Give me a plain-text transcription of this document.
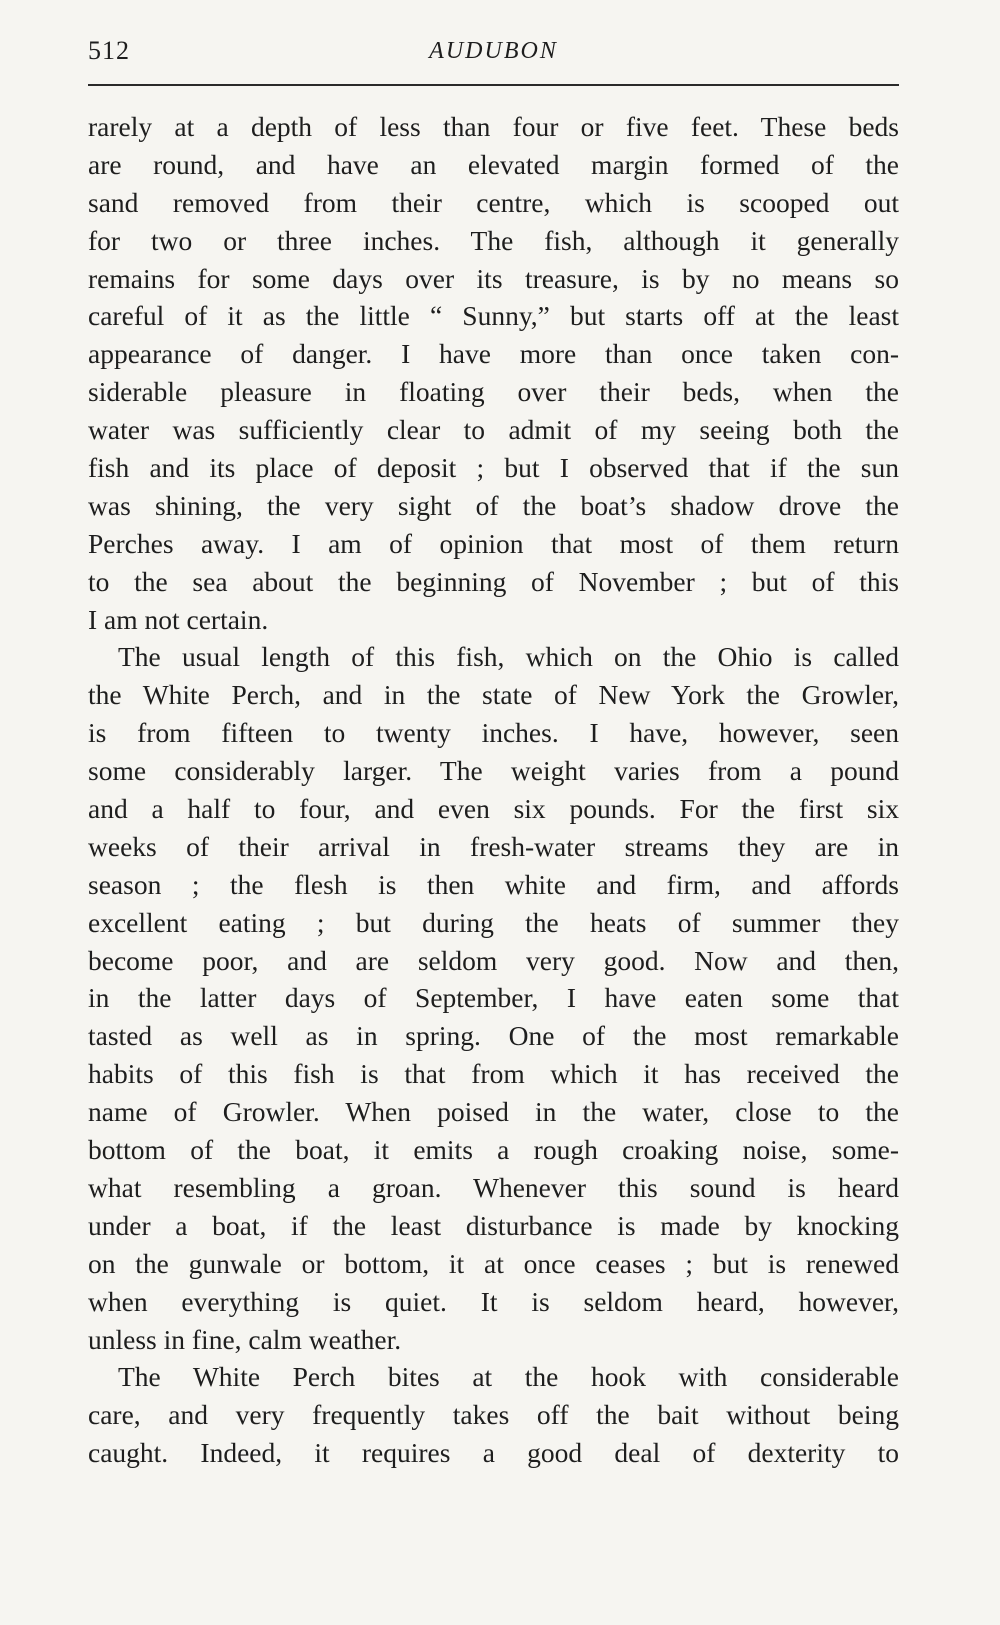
512	AUDUBON
rarely at a depth of less than four or five feet. These beds
are round, and have an elevated margin formed of the
sand removed from their centre, which is scooped out
for two or three inches. The fish, although it generally
remains for some days over its treasure, is by no means so
careful of it as the little “ Sunny,” but starts off at the least
appearance of danger. I have more than once taken con-
siderable pleasure in floating over their beds, when the
water was sufficiently clear to admit of my seeing both the
fish and its place of deposit ; but I observed that if the sun
was shining, the very sight of the boat’s shadow drove the
Perches away. I am of opinion that most of them return
to the sea about the beginning of November ; but of this
I am not certain.
The usual length of this fish, which on the Ohio is called
the White Perch, and in the state of New York the Growler,
is from fifteen to twenty inches. I have, however, seen
some considerably larger. The weight varies from a pound
and a half to four, and even six pounds. For the first six
weeks of their arrival in fresh-water streams they are in
season ; the flesh is then white and firm, and affords
excellent eating ; but during the heats of summer they
become poor, and are seldom very good. Now and then,
in the latter days of September, I have eaten some that
tasted as well as in spring. One of the most remarkable
habits of this fish is that from which it has received the
name of Growler. When poised in the water, close to the
bottom of the boat, it emits a rough croaking noise, some-
what resembling a groan. Whenever this sound is heard
under a boat, if the least disturbance is made by knocking
on the gunwale or bottom, it at once ceases ; but is renewed
when everything is quiet. It is seldom heard, however,
unless in fine, calm weather.
The White Perch bites at the hook with considerable
care, and very frequently takes off the bait without being
caught. Indeed, it requires a good deal of dexterity to
